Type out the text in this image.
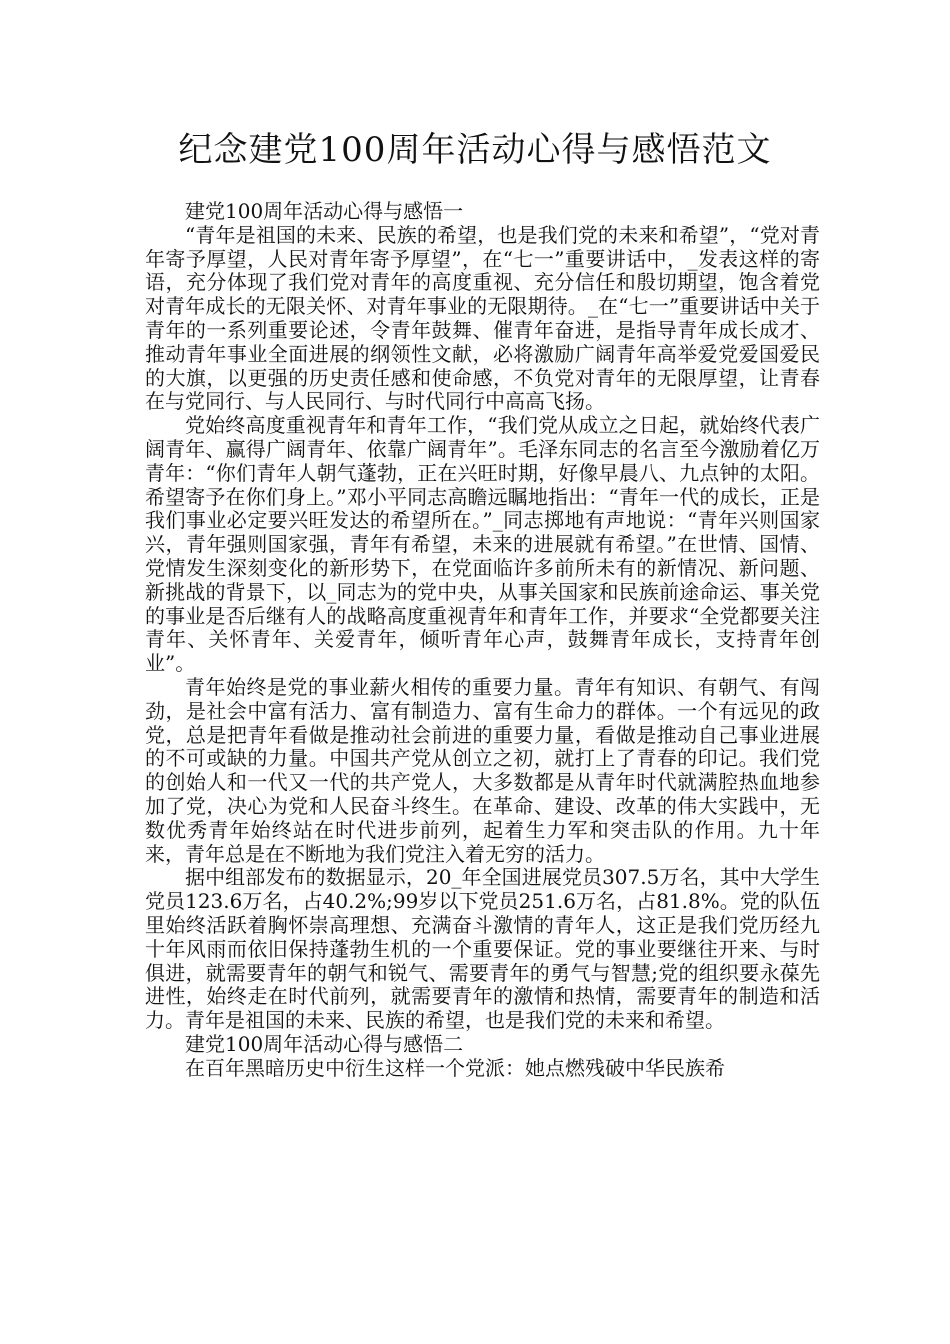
纪念建党100周年活动心得与感悟范文

建党100周年活动心得与感悟一

“青年是祖国的未来、民族的希望，也是我们党的未来和希望”，“党对青年寄予厚望，人民对青年寄予厚望”，在“七一”重要讲话中，_发表这样的寄语，充分体现了我们党对青年的高度重视、充分信任和殷切期望，饱含着党对青年成长的无限关怀、对青年事业的无限期待。_在“七一”重要讲话中关于青年的一系列重要论述，令青年鼓舞、催青年奋进，是指导青年成长成才、推动青年事业全面进展的纲领性文献，必将激励广阔青年高举爱党爱国爱民的大旗，以更强的历史责任感和使命感，不负党对青年的无限厚望，让青春在与党同行、与人民同行、与时代同行中高高飞扬。

党始终高度重视青年和青年工作，“我们党从成立之日起，就始终代表广阔青年、赢得广阔青年、依靠广阔青年”。毛泽东同志的名言至今激励着亿万青年：“你们青年人朝气蓬勃，正在兴旺时期，好像早晨八、九点钟的太阳。希望寄予在你们身上。”邓小平同志高瞻远瞩地指出：“青年一代的成长，正是我们事业必定要兴旺发达的希望所在。”_同志掷地有声地说：“青年兴则国家兴，青年强则国家强，青年有希望，未来的进展就有希望。”在世情、国情、党情发生深刻变化的新形势下，在党面临许多前所未有的新情况、新问题、新挑战的背景下，以_同志为的党中央，从事关国家和民族前途命运、事关党的事业是否后继有人的战略高度重视青年和青年工作，并要求“全党都要关注青年、关怀青年、关爱青年，倾听青年心声，鼓舞青年成长，支持青年创业”。

青年始终是党的事业薪火相传的重要力量。青年有知识、有朝气、有闯劲，是社会中富有活力、富有制造力、富有生命力的群体。一个有远见的政党，总是把青年看做是推动社会前进的重要力量，看做是推动自己事业进展的不可或缺的力量。中国共产党从创立之初，就打上了青春的印记。我们党的创始人和一代又一代的共产党人，大多数都是从青年时代就满腔热血地参加了党，决心为党和人民奋斗终生。在革命、建设、改革的伟大实践中，无数优秀青年始终站在时代进步前列，起着生力军和突击队的作用。九十年来，青年总是在不断地为我们党注入着无穷的活力。

据中组部发布的数据显示，20_年全国进展党员307.5万名，其中大学生党员123.6万名，占40.2%;99岁以下党员251.6万名，占81.8%。党的队伍里始终活跃着胸怀崇高理想、充满奋斗激情的青年人，这正是我们党历经九十年风雨而依旧保持蓬勃生机的一个重要保证。党的事业要继往开来、与时俱进，就需要青年的朝气和锐气、需要青年的勇气与智慧;党的组织要永葆先进性，始终走在时代前列，就需要青年的激情和热情，需要青年的制造和活力。青年是祖国的未来、民族的希望，也是我们党的未来和希望。

建党100周年活动心得与感悟二

在百年黑暗历史中衍生这样一个党派：她点燃残破中华民族希
